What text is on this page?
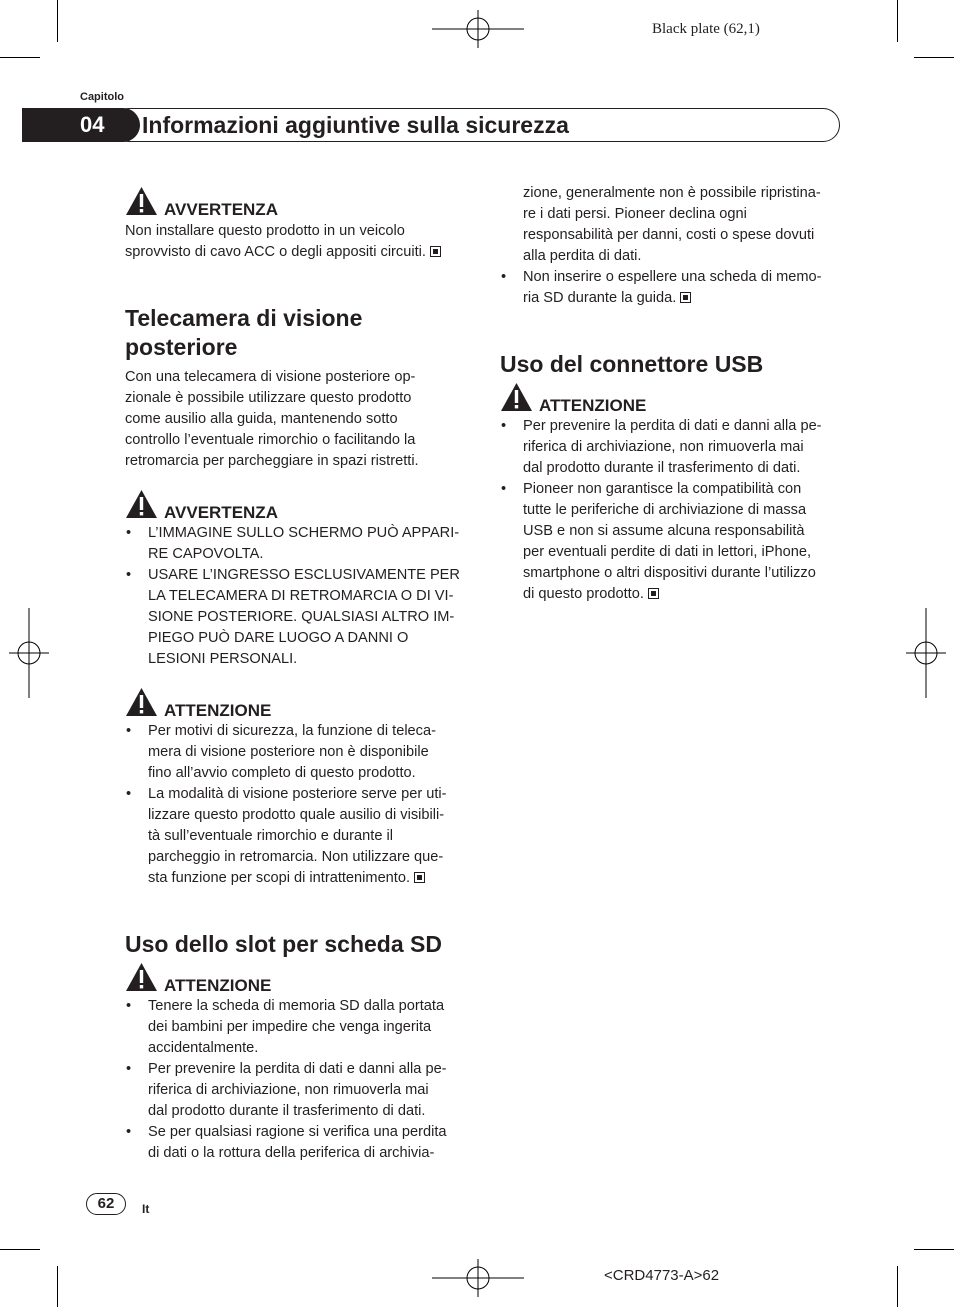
Black plate (62,1)
Capitolo
04	Informazioni aggiuntive sulla sicurezza
AVVERTENZA
Non installare questo prodotto in un veicolo
sprovvisto di cavo ACC o degli appositi circuiti.
Telecamera di visione
posteriore
Con una telecamera di visione posteriore op-
zionale è possibile utilizzare questo prodotto
come ausilio alla guida, mantenendo sotto
controllo l’eventuale rimorchio o facilitando la
retromarcia per parcheggiare in spazi ristretti.
AVVERTENZA
• L’IMMAGINE SULLO SCHERMO PUÒ APPARI-
RE CAPOVOLTA.
• USARE L’INGRESSO ESCLUSIVAMENTE PER
LA TELECAMERA DI RETROMARCIA O DI VI-
SIONE POSTERIORE. QUALSIASI ALTRO IM-
PIEGO PUÒ DARE LUOGO A DANNI O
LESIONI PERSONALI.
ATTENZIONE
• Per motivi di sicurezza, la funzione di teleca-
mera di visione posteriore non è disponibile
fino all’avvio completo di questo prodotto.
• La modalità di visione posteriore serve per uti-
lizzare questo prodotto quale ausilio di visibili-
tà sull’eventuale rimorchio e durante il
parcheggio in retromarcia. Non utilizzare que-
sta funzione per scopi di intrattenimento.
Uso dello slot per scheda SD
ATTENZIONE
• Tenere la scheda di memoria SD dalla portata
dei bambini per impedire che venga ingerita
accidentalmente.
• Per prevenire la perdita di dati e danni alla pe-
riferica di archiviazione, non rimuoverla mai
dal prodotto durante il trasferimento di dati.
• Se per qualsiasi ragione si verifica una perdita
di dati o la rottura della periferica di archivia-
zione, generalmente non è possibile ripristina-
re i dati persi. Pioneer declina ogni
responsabilità per danni, costi o spese dovuti
alla perdita di dati.
• Non inserire o espellere una scheda di memo-
ria SD durante la guida.
Uso del connettore USB
ATTENZIONE
• Per prevenire la perdita di dati e danni alla pe-
riferica di archiviazione, non rimuoverla mai
dal prodotto durante il trasferimento di dati.
• Pioneer non garantisce la compatibilità con
tutte le periferiche di archiviazione di massa
USB e non si assume alcuna responsabilità
per eventuali perdite di dati in lettori, iPhone,
smartphone o altri dispositivi durante l’utilizzo
di questo prodotto.
62	It
<CRD4773-A>62
